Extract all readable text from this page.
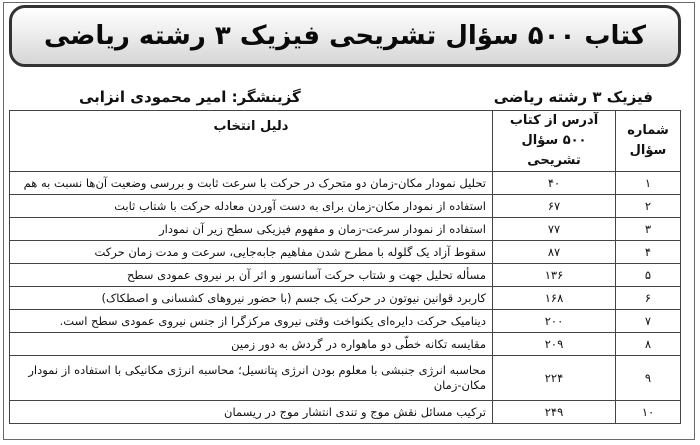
کتاب ۵۰۰ سؤال تشریحی فیزیک ۳ رشته ریاضی
فیزیک ۳ رشته ریاضی
گزینشگر: امیر محمودی انزابی
شماره سؤال	آدرس از کتاب ۵۰۰ سؤال تشریحی	دلیل انتخاب
۱	۴۰	تحلیل نمودار مکان-زمان دو متحرک در حرکت با سرعت ثابت و بررسی وضعیت آن‌ها نسبت به هم
۲	۶۷	استفاده از نمودار مکان-زمان برای به دست آوردن معادله حرکت با شتاب ثابت
۳	۷۷	استفاده از نمودار سرعت-زمان و مفهوم فیزیکی سطح زیر آن نمودار
۴	۸۷	سقوط آزاد یک گلوله با مطرح شدن مفاهیم جابه‌جایی، سرعت و مدت زمان حرکت
۵	۱۳۶	مسأله تحلیل جهت و شتاب حرکت آسانسور و اثر آن بر نیروی عمودی سطح
۶	۱۶۸	کاربرد قوانین نیوتون در حرکت یک جسم (با حضور نیروهای کشسانی و اصطکاک)
۷	۲۰۰	دینامیک حرکت دایره‌ای یکنواخت وقتی نیروی مرکزگرا از جنس نیروی عمودی سطح است.
۸	۲۰۹	مقایسه تکانه خطّی دو ماهواره در گردش به دور زمین
۹	۲۲۴	محاسبه انرژی جنبشی با معلوم بودن انرژی پتانسیل؛ محاسبه انرژی مکانیکی با استفاده از نمودار مکان-زمان
۱۰	۲۴۹	ترکیب مسائل نقش موج و تندی انتشار موج در ریسمان
